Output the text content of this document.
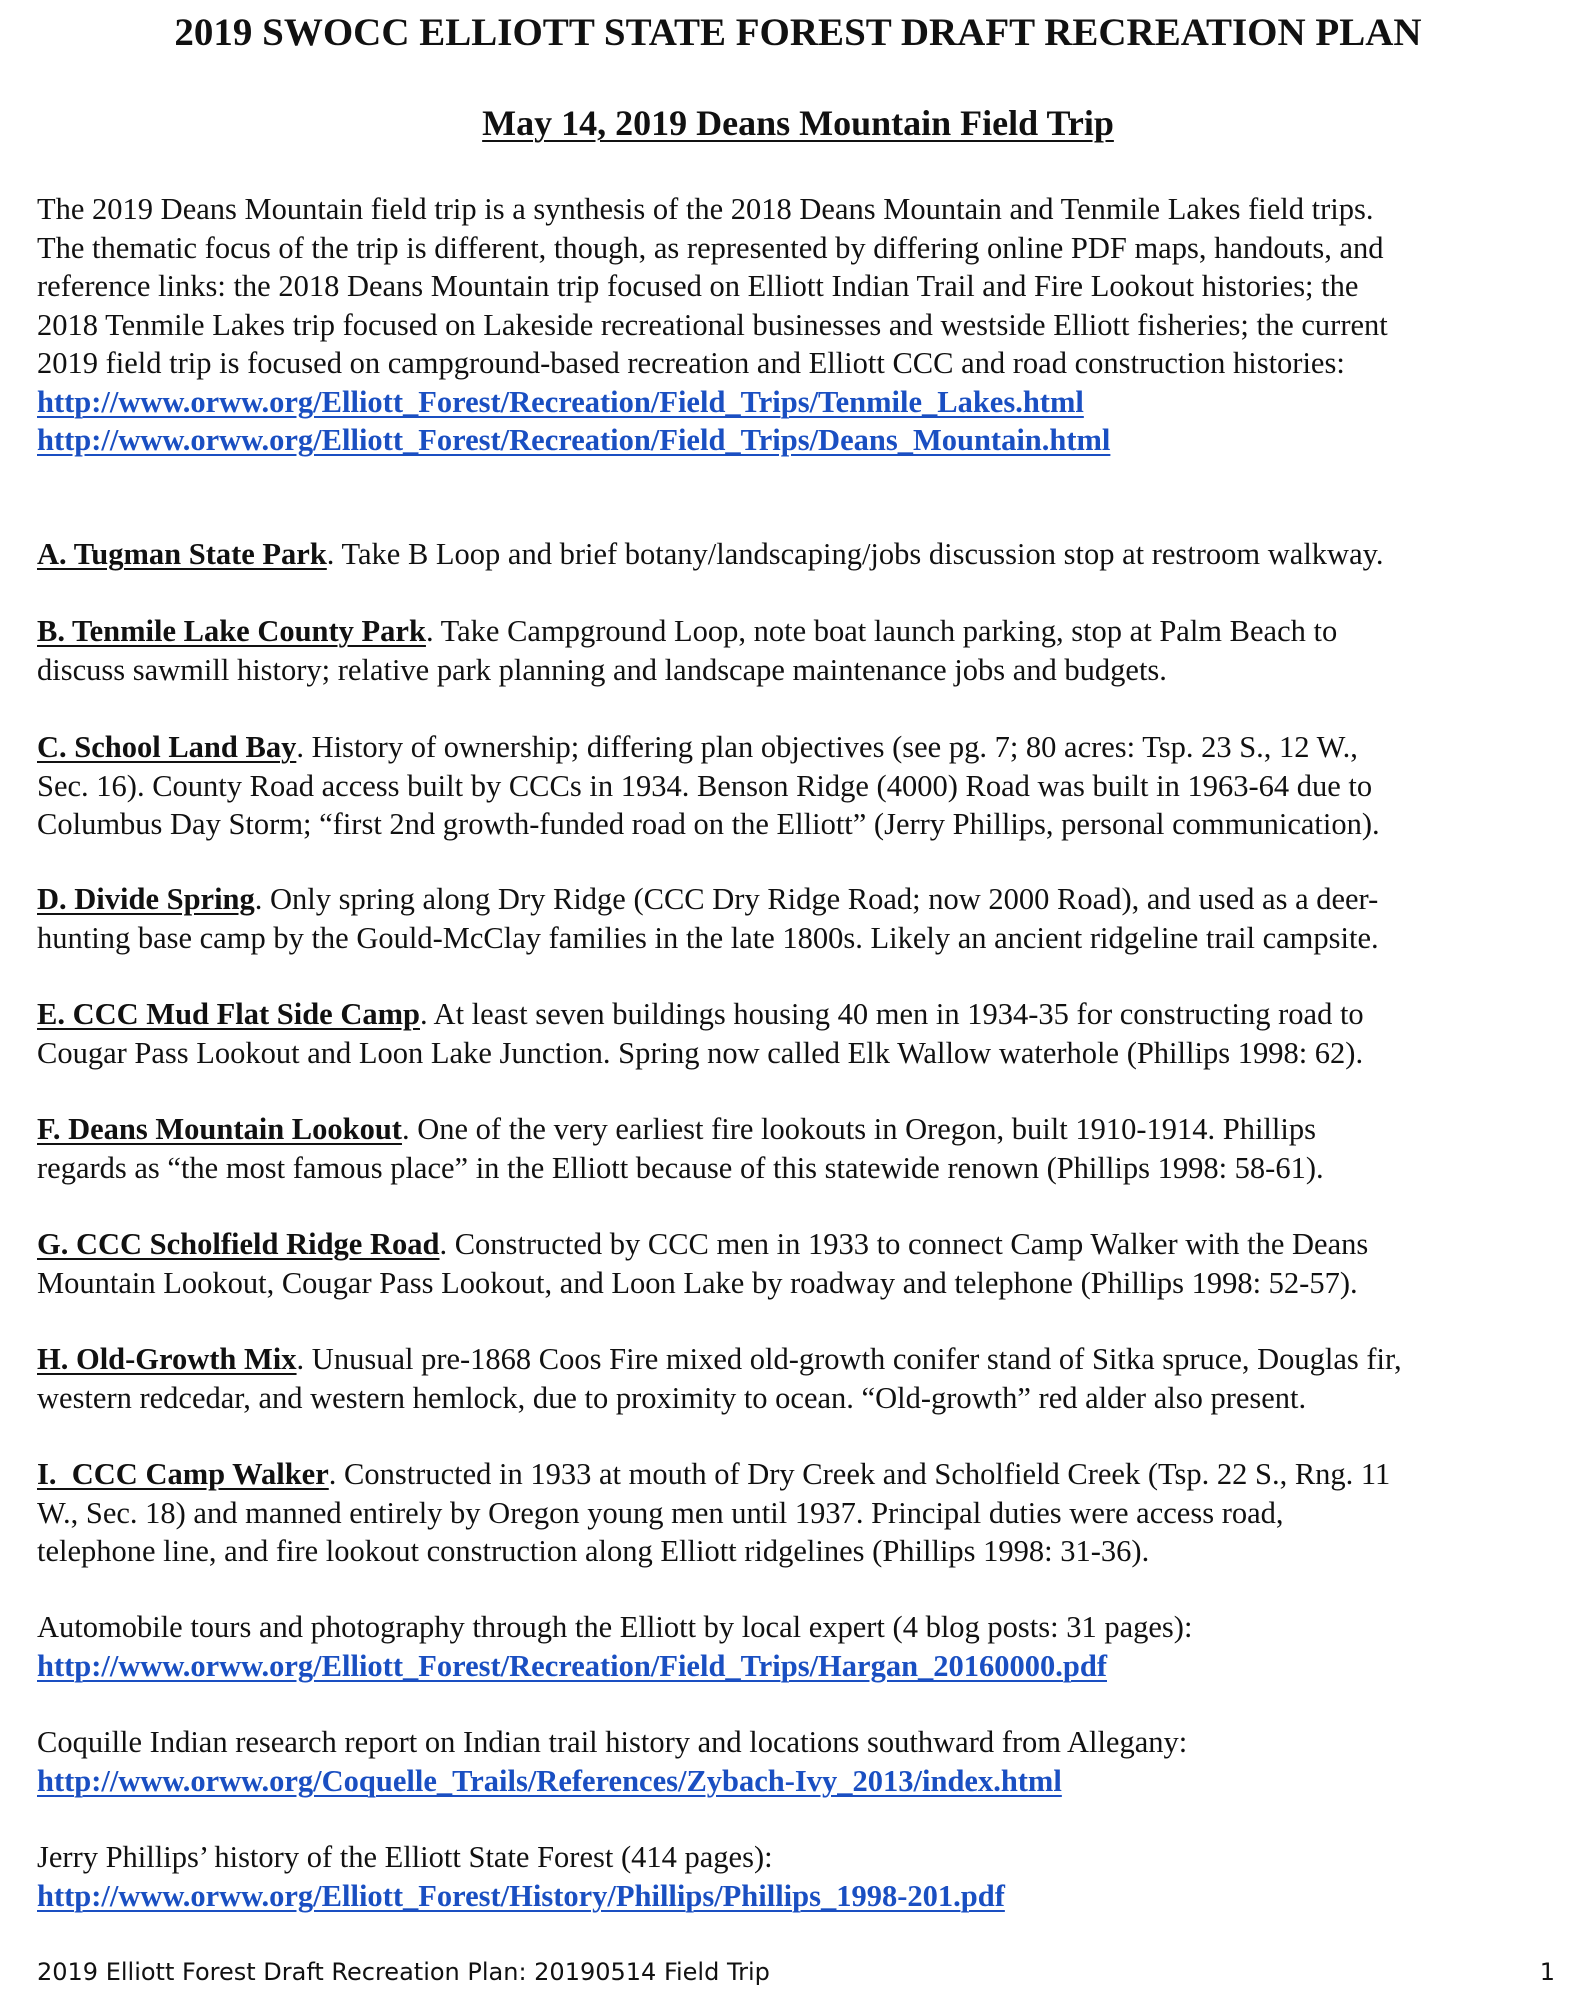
2019 SWOCC ELLIOTT STATE FOREST DRAFT RECREATION PLAN
May 14, 2019 Deans Mountain Field Trip
The 2019 Deans Mountain field trip is a synthesis of the 2018 Deans Mountain and Tenmile Lakes field trips.
The thematic focus of the trip is different, though, as represented by differing online PDF maps, handouts, and
reference links: the 2018 Deans Mountain trip focused on Elliott Indian Trail and Fire Lookout histories; the
2018 Tenmile Lakes trip focused on Lakeside recreational businesses and westside Elliott fisheries; the current
2019 field trip is focused on campground-based recreation and Elliott CCC and road construction histories:
http://www.orww.org/Elliott_Forest/Recreation/Field_Trips/Tenmile_Lakes.html
http://www.orww.org/Elliott_Forest/Recreation/Field_Trips/Deans_Mountain.html
A. Tugman State Park. Take B Loop and brief botany/landscaping/jobs discussion stop at restroom walkway.
B. Tenmile Lake County Park. Take Campground Loop, note boat launch parking, stop at Palm Beach to
discuss sawmill history; relative park planning and landscape maintenance jobs and budgets.
C. School Land Bay. History of ownership; differing plan objectives (see pg. 7; 80 acres: Tsp. 23 S., 12 W.,
Sec. 16). County Road access built by CCCs in 1934. Benson Ridge (4000) Road was built in 1963-64 due to
Columbus Day Storm; “first 2nd growth-funded road on the Elliott” (Jerry Phillips, personal communication).
D. Divide Spring. Only spring along Dry Ridge (CCC Dry Ridge Road; now 2000 Road), and used as a deer-
hunting base camp by the Gould-McClay families in the late 1800s. Likely an ancient ridgeline trail campsite.
E. CCC Mud Flat Side Camp. At least seven buildings housing 40 men in 1934-35 for constructing road to
Cougar Pass Lookout and Loon Lake Junction. Spring now called Elk Wallow waterhole (Phillips 1998: 62).
F. Deans Mountain Lookout. One of the very earliest fire lookouts in Oregon, built 1910-1914. Phillips
regards as “the most famous place” in the Elliott because of this statewide renown (Phillips 1998: 58-61).
G. CCC Scholfield Ridge Road. Constructed by CCC men in 1933 to connect Camp Walker with the Deans
Mountain Lookout, Cougar Pass Lookout, and Loon Lake by roadway and telephone (Phillips 1998: 52-57).
H. Old-Growth Mix. Unusual pre-1868 Coos Fire mixed old-growth conifer stand of Sitka spruce, Douglas fir,
western redcedar, and western hemlock, due to proximity to ocean. “Old-growth” red alder also present.
I.  CCC Camp Walker. Constructed in 1933 at mouth of Dry Creek and Scholfield Creek (Tsp. 22 S., Rng. 11
W., Sec. 18) and manned entirely by Oregon young men until 1937. Principal duties were access road,
telephone line, and fire lookout construction along Elliott ridgelines (Phillips 1998: 31-36).
Automobile tours and photography through the Elliott by local expert (4 blog posts: 31 pages):
http://www.orww.org/Elliott_Forest/Recreation/Field_Trips/Hargan_20160000.pdf
Coquille Indian research report on Indian trail history and locations southward from Allegany:
http://www.orww.org/Coquelle_Trails/References/Zybach-Ivy_2013/index.html
Jerry Phillips’ history of the Elliott State Forest (414 pages):
http://www.orww.org/Elliott_Forest/History/Phillips/Phillips_1998-201.pdf
2019 Elliott Forest Draft Recreation Plan: 20190514 Field Trip	1
